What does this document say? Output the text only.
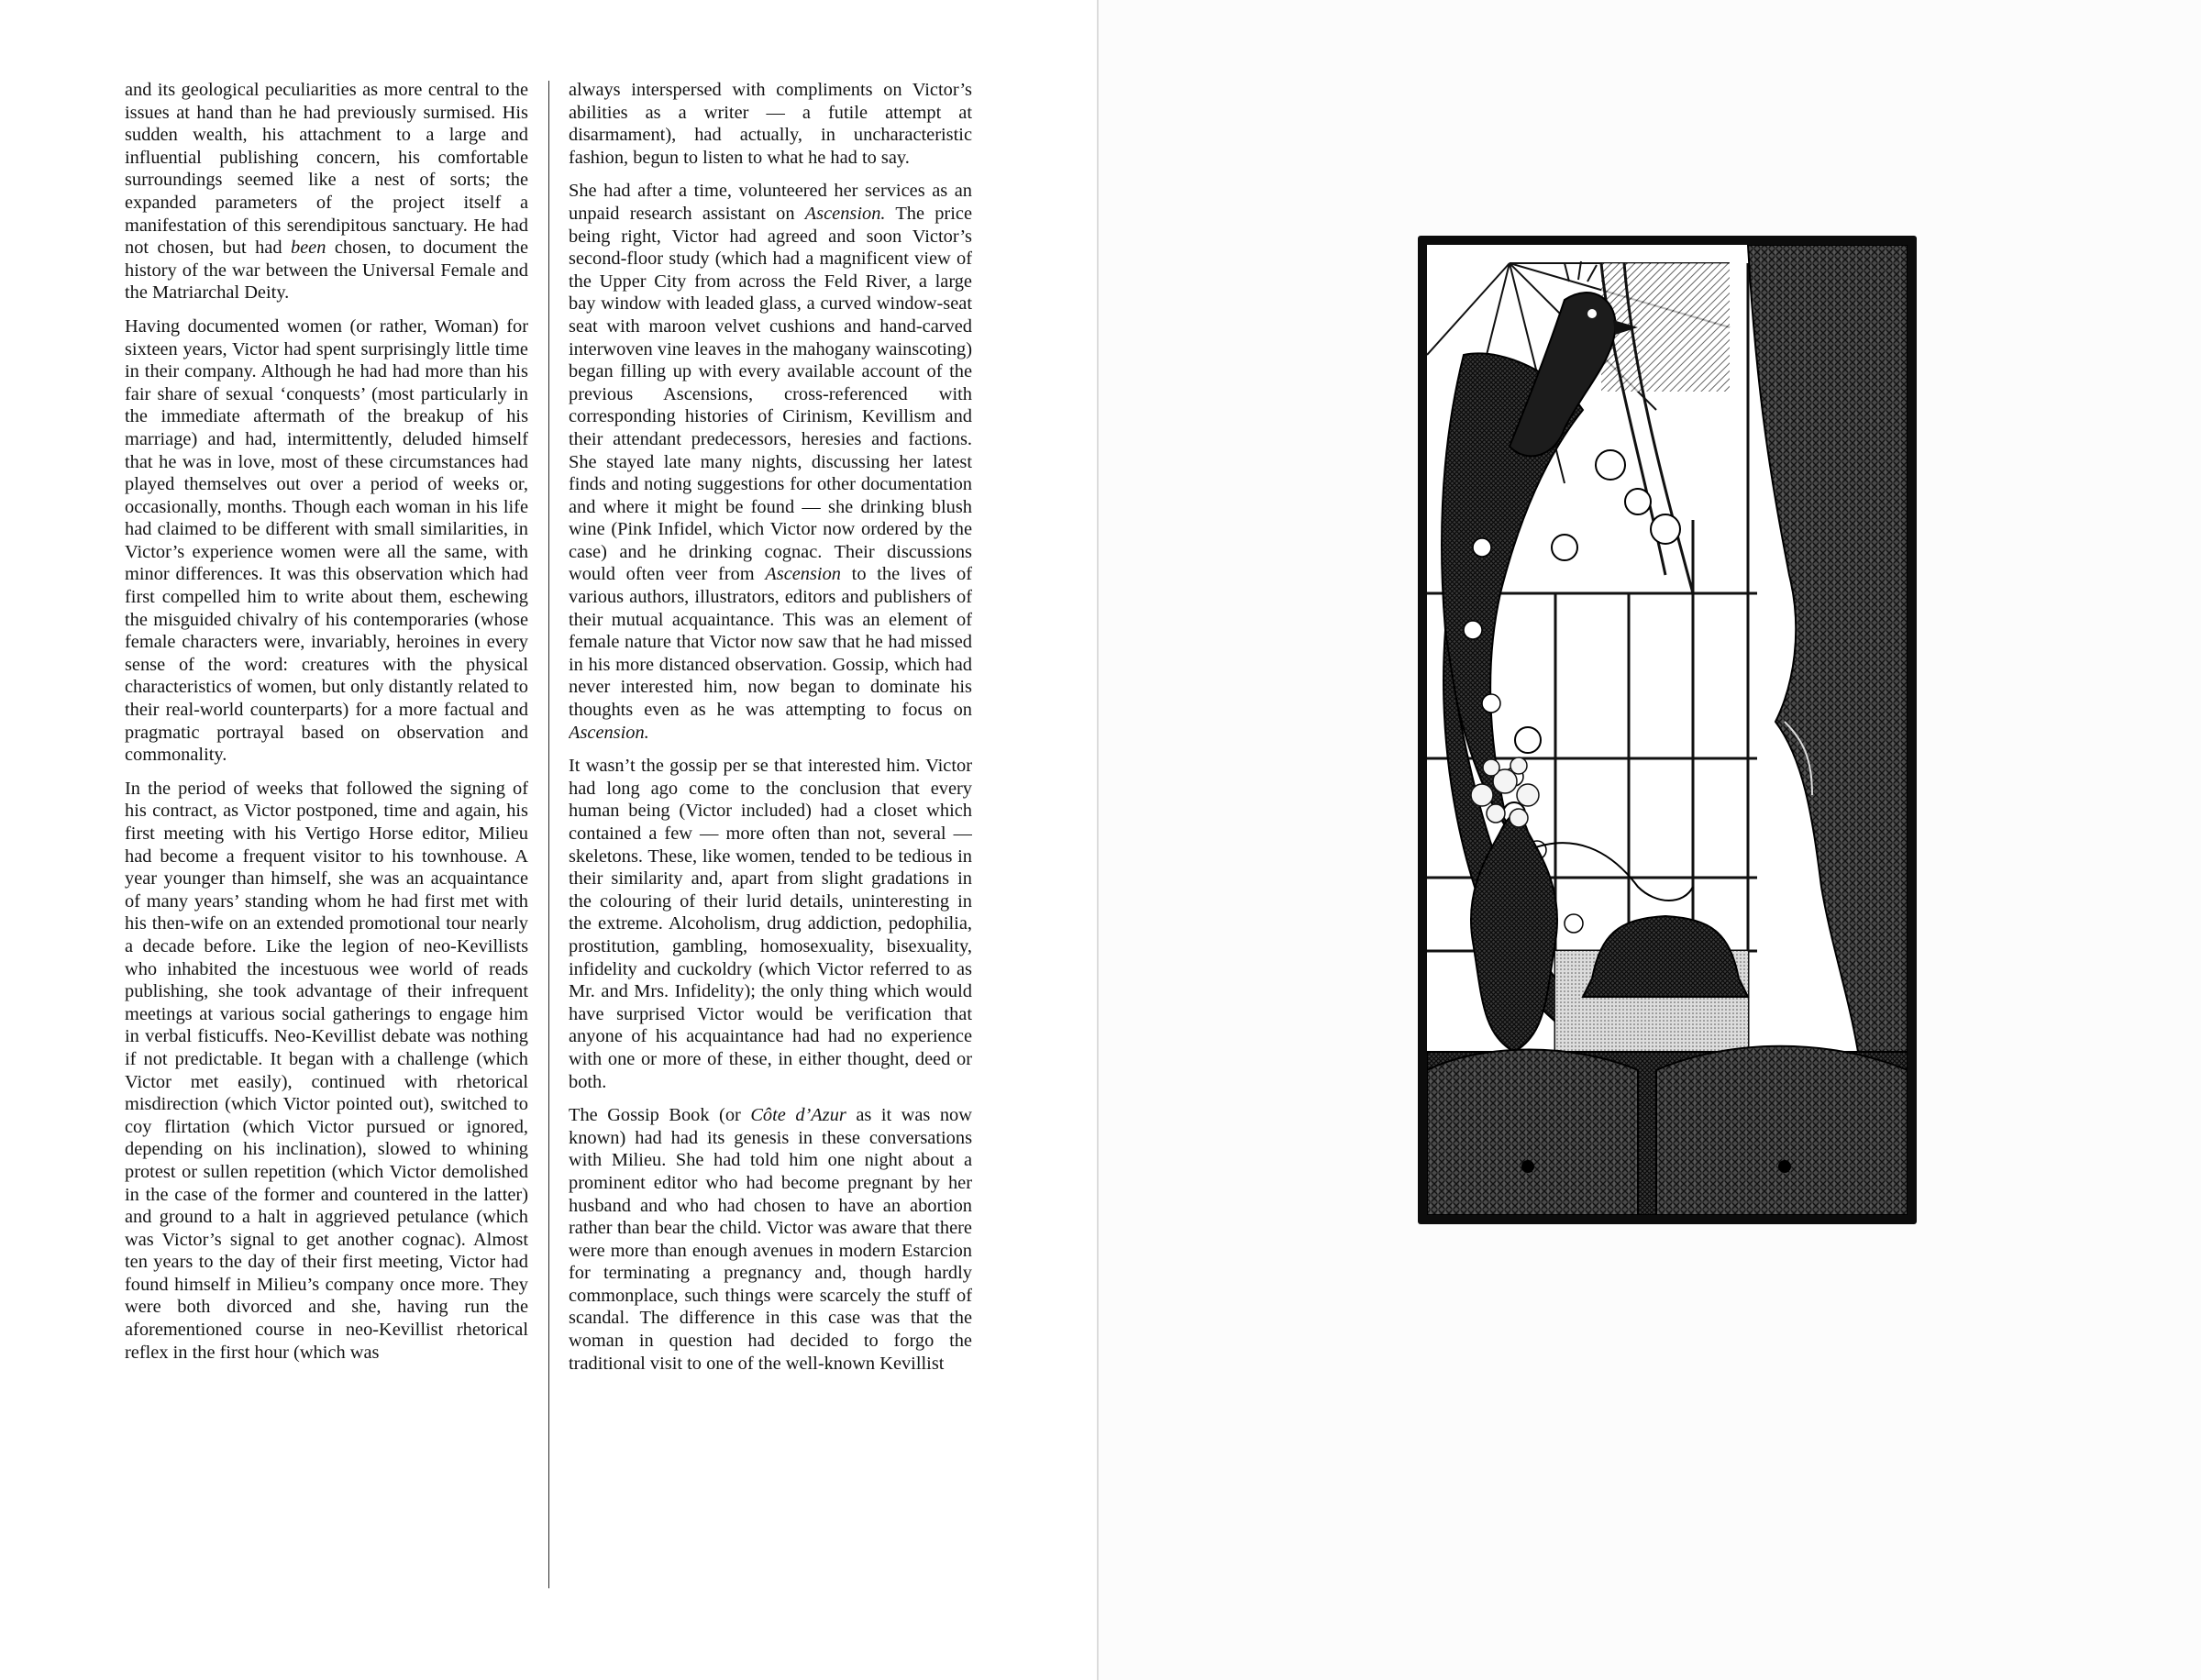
and its geological peculiarities as more central to the issues at hand than he had previously surmised. His sudden wealth, his attachment to a large and influential publishing concern, his comfortable surroundings seemed like a nest of sorts; the expanded parameters of the project itself a manifestation of this serendipitous sanctuary. He had not chosen, but had been chosen, to document the history of the war between the Universal Female and the Matriarchal Deity.

Having documented women (or rather, Woman) for sixteen years, Victor had spent surprisingly little time in their company. Although he had had more than his fair share of sexual ‘conquests’ (most particularly in the immediate aftermath of the breakup of his marriage) and had, intermittently, deluded himself that he was in love, most of these circumstances had played themselves out over a period of weeks or, occasionally, months. Though each woman in his life had claimed to be different with small similarities, in Victor’s experience women were all the same, with minor differences. It was this observation which had first compelled him to write about them, eschewing the misguided chivalry of his contemporaries (whose female characters were, invariably, heroines in every sense of the word: creatures with the physical characteristics of women, but only distantly related to their real-world counterparts) for a more factual and pragmatic portrayal based on observation and commonality.

In the period of weeks that followed the signing of his contract, as Victor postponed, time and again, his first meeting with his Vertigo Horse editor, Milieu had become a frequent visitor to his townhouse. A year younger than himself, she was an acquaintance of many years’ standing whom he had first met with his then-wife on an extended promotional tour nearly a decade before. Like the legion of neo-Kevillists who inhabited the incestuous wee world of reads publishing, she took advantage of their infrequent meetings at various social gatherings to engage him in verbal fisticuffs. Neo-Kevillist debate was nothing if not predictable. It began with a challenge (which Victor met easily), continued with rhetorical misdirection (which Victor pointed out), switched to coy flirtation (which Victor pursued or ignored, depending on his inclination), slowed to whining protest or sullen repetition (which Victor demolished in the case of the former and countered in the latter) and ground to a halt in aggrieved petulance (which was Victor’s signal to get another cognac). Almost ten years to the day of their first meeting, Victor had found himself in Milieu’s company once more. They were both divorced and she, having run the aforementioned course in neo-Kevillist rhetorical reflex in the first hour (which was

always interspersed with compliments on Victor’s abilities as a writer — a futile attempt at disarmament), had actually, in uncharacteristic fashion, begun to listen to what he had to say.

She had after a time, volunteered her services as an unpaid research assistant on Ascension. The price being right, Victor had agreed and soon Victor’s second-floor study (which had a magnificent view of the Upper City from across the Feld River, a large bay window with leaded glass, a curved window-seat seat with maroon velvet cushions and hand-carved interwoven vine leaves in the mahogany wainscoting) began filling up with every available account of the previous Ascensions, cross-referenced with corresponding histories of Cirinism, Kevillism and their attendant predecessors, heresies and factions. She stayed late many nights, discussing her latest finds and noting suggestions for other documentation and where it might be found — she drinking blush wine (Pink Infidel, which Victor now ordered by the case) and he drinking cognac. Their discussions would often veer from Ascension to the lives of various authors, illustrators, editors and publishers of their mutual acquaintance. This was an element of female nature that Victor now saw that he had missed in his more distanced observation. Gossip, which had never interested him, now began to dominate his thoughts even as he was attempting to focus on Ascension.

It wasn’t the gossip per se that interested him. Victor had long ago come to the conclusion that every human being (Victor included) had a closet which contained a few — more often than not, several — skeletons. These, like women, tended to be tedious in their similarity and, apart from slight gradations in the colouring of their lurid details, uninteresting in the extreme. Alcoholism, drug addiction, pedophilia, prostitution, gambling, homosexuality, bisexuality, infidelity and cuckoldry (which Victor referred to as Mr. and Mrs. Infidelity); the only thing which would have surprised Victor would be verification that anyone of his acquaintance had had no experience with one or more of these, in either thought, deed or both.

The Gossip Book (or Côte d’Azur as it was now known) had had its genesis in these conversations with Milieu. She had told him one night about a prominent editor who had become pregnant by her husband and who had chosen to have an abortion rather than bear the child. Victor was aware that there were more than enough avenues in modern Estarcion for terminating a pregnancy and, though hardly commonplace, such things were scarcely the stuff of scandal. The difference in this case was that the woman in question had decided to forgo the traditional visit to one of the well-known Kevillist
